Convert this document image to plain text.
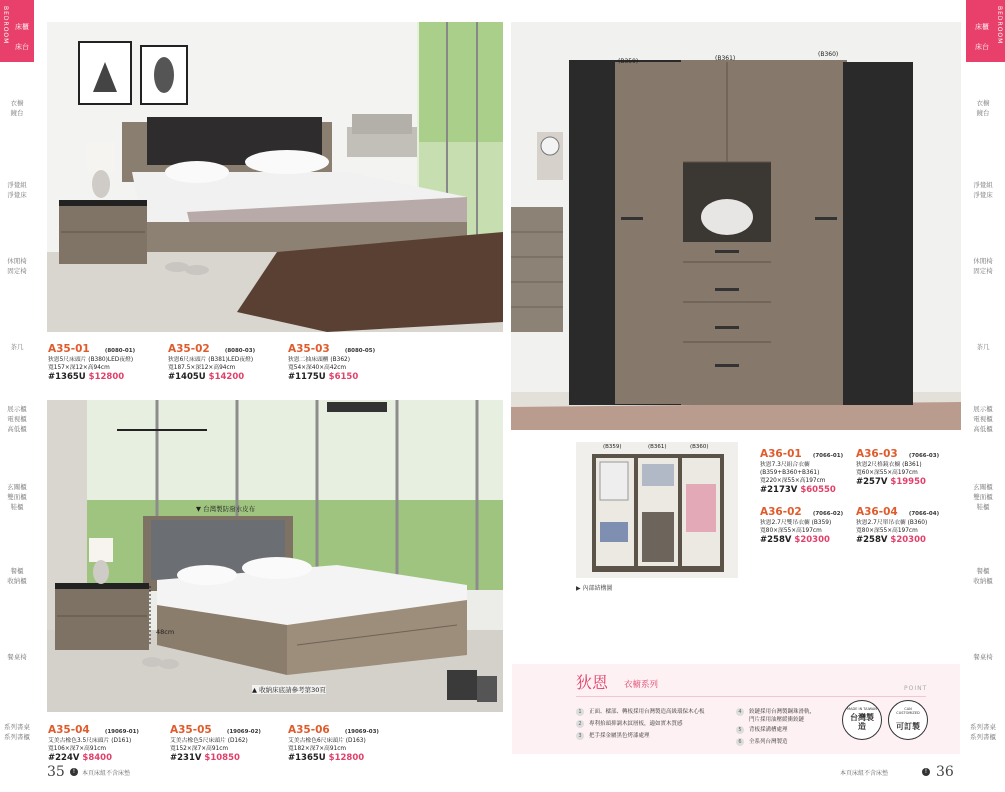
BEDROOM 床櫃
床台
衣櫥
鏡台
淨覺組
淨覺床
休閒椅
固定椅
茶几
展示櫃
電視櫃
高低櫃
玄關櫃
雙面櫃
鞋櫃
餐櫃
收納櫃
餐桌椅
系列書桌
系列書櫃
BEDROOM
床櫃
床台
衣櫥
鏡台
淨覺組
淨覺床
休閒椅
固定椅
茶几
展示櫃
電視櫃
高低櫃
玄關櫃
雙面櫃
鞋櫃
餐櫃
收納櫃
餐桌椅
系列書桌
系列書櫃
A35-01	(8080-01)
狄恩5尺床頭片 (B380)LED夜燈)
寬157×深12×高94cm
#1365U $12800
A35-02	(8080-03)
狄恩6尺床頭片 (B381)LED夜燈)
寬187.5×深12×高94cm
#1405U $14200
A35-03	(8080-05)
狄恩二抽床頭櫃 (B362)
寬54×深40×高42cm
#1175U $6150
▼ 台灣製防潑水皮布
48cm
▲ 收納床底請參考第30頁
A35-04	(19069-01)
艾美古橡色3.5尺床頭片 (D161)
寬106×深7×高91cm
#224V $8400
A35-05	(19069-02)
艾美古橡色5尺床頭片 (D162)
寬152×深7×高91cm
#231V $10850
A35-06	(19069-03)
艾美古橡色6尺床頭片 (D163)
寬182×深7×高91cm
#1365U $12800
(B359)	(B361)
(B360)
(B359)	(B361)	(B360)
▶ 內部結構圖
A36-01 (7066-01)
狄恩7.3尺組合衣櫥
(B359+B360+B361)
寬220×深55×高197cm
#2173V $60550
A36-03 (7066-03)
狄恩2尺格鏡衣櫥 (B361)
寬60×深55×高197cm
#257V $19950
A36-02 (7066-02)
狄恩2.7尺雙吊衣櫥 (B359)
寬80×深55×高197cm
#258V $20300
A36-04 (7066-04)
狄恩2.7尺單吊衣櫥 (B360)
寬80×深55×高197cm
#258V $20300
狄恩 衣櫥系列	POINT
1 正面、樑部、轉板採用台灣製造高級環保木心板
2 專利抬頭抑調木紋層板，適如實木質感
3 把手採金屬黑色烤漆處理
4 鉸鏈採用台灣製鋼珠滑軌，
門片採用油壓緩衝鉸鏈
5 背板採溝槽處理
6 全系列台灣製造
MADE IN TAIWAN
台灣製造
CAN CUSTOMIZED
可訂製
35	!	本頁床組不含床墊	本頁床組不含床墊	! 36
